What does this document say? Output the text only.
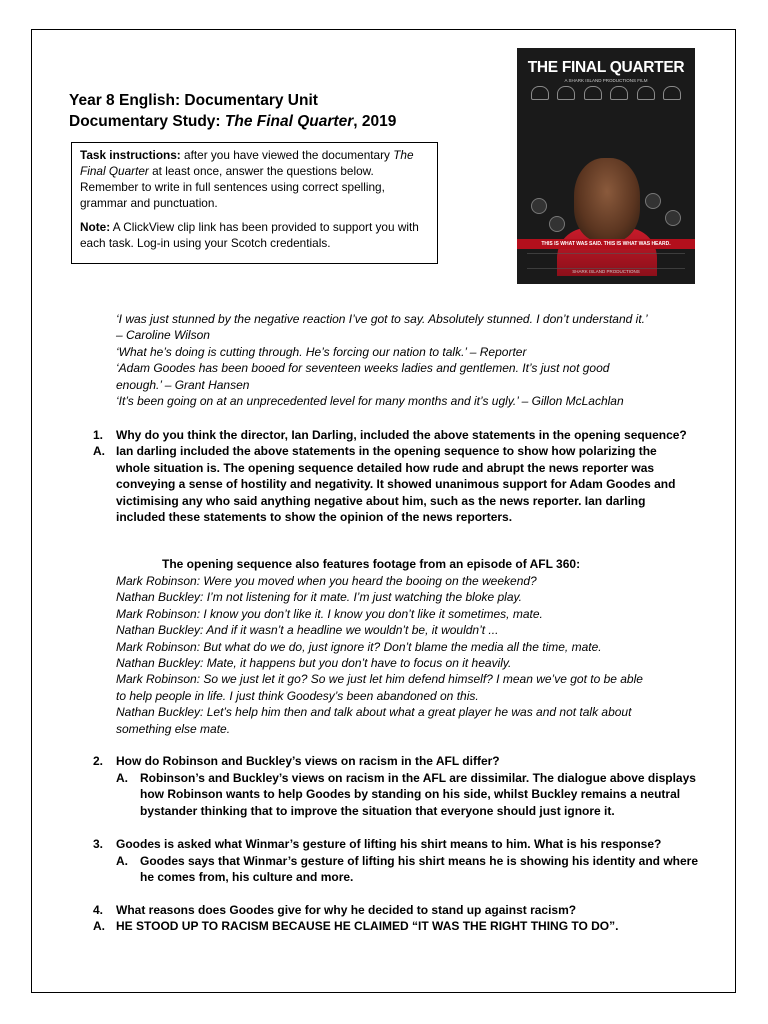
Year 8 English: Documentary Unit
Documentary Study: The Final Quarter, 2019

Task instructions: after you have viewed the documentary The Final Quarter at least once, answer the questions below. Remember to write in full sentences using correct spelling, grammar and punctuation.

Note: A ClickView clip link has been provided to support you with each task. Log-in using your Scotch credentials.

THE FINAL QUARTER
A SHARK ISLAND PRODUCTIONS FILM
THIS IS WHAT WAS SAID. THIS IS WHAT WAS HEARD.
SHARK ISLAND PRODUCTIONS
‘I was just stunned by the negative reaction I’ve got to say. Absolutely stunned. I don’t understand it.’
– Caroline Wilson
‘What he’s doing is cutting through. He’s forcing our nation to talk.’ – Reporter
‘Adam Goodes has been booed for seventeen weeks ladies and gentlemen. It’s just not good
enough.’ – Grant Hansen
‘It’s been going on at an unprecedented level for many months and it’s ugly.’ – Gillon McLachlan
1. Why do you think the director, Ian Darling, included the above statements in the opening sequence?
A. Ian darling included the above statements in the opening sequence to show how polarizing the whole situation is. The opening sequence detailed how rude and abrupt the news reporter was conveying a sense of hostility and negativity. It showed unanimous support for Adam Goodes and victimising any who said anything negative about him, such as the news reporter. Ian darling included these statements to show the opinion of the news reporters.
The opening sequence also features footage from an episode of AFL 360:
Mark Robinson: Were you moved when you heard the booing on the weekend?
Nathan Buckley: I’m not listening for it mate. I’m just watching the bloke play.
Mark Robinson: I know you don’t like it. I know you don’t like it sometimes, mate.
Nathan Buckley: And if it wasn’t a headline we wouldn’t be, it wouldn’t ...
Mark Robinson: But what do we do, just ignore it? Don’t blame the media all the time, mate.
Nathan Buckley: Mate, it happens but you don’t have to focus on it heavily.
Mark Robinson: So we just let it go? So we just let him defend himself? I mean we’ve got to be able
to help people in life. I just think Goodesy’s been abandoned on this.
Nathan Buckley: Let’s help him then and talk about what a great player he was and not talk about
something else mate.
2. How do Robinson and Buckley’s views on racism in the AFL differ?
A. Robinson’s and Buckley’s views on racism in the AFL are dissimilar. The dialogue above displays how Robinson wants to help Goodes by standing on his side, whilst Buckley remains a neutral bystander thinking that to improve the situation that everyone should just ignore it.
3. Goodes is asked what Winmar’s gesture of lifting his shirt means to him. What is his response?
A. Goodes says that Winmar’s gesture of lifting his shirt means he is showing his identity and where he comes from, his culture and more.
4. What reasons does Goodes give for why he decided to stand up against racism?
A. HE STOOD UP TO RACISM BECAUSE HE CLAIMED “IT WAS THE RIGHT THING TO DO”.
